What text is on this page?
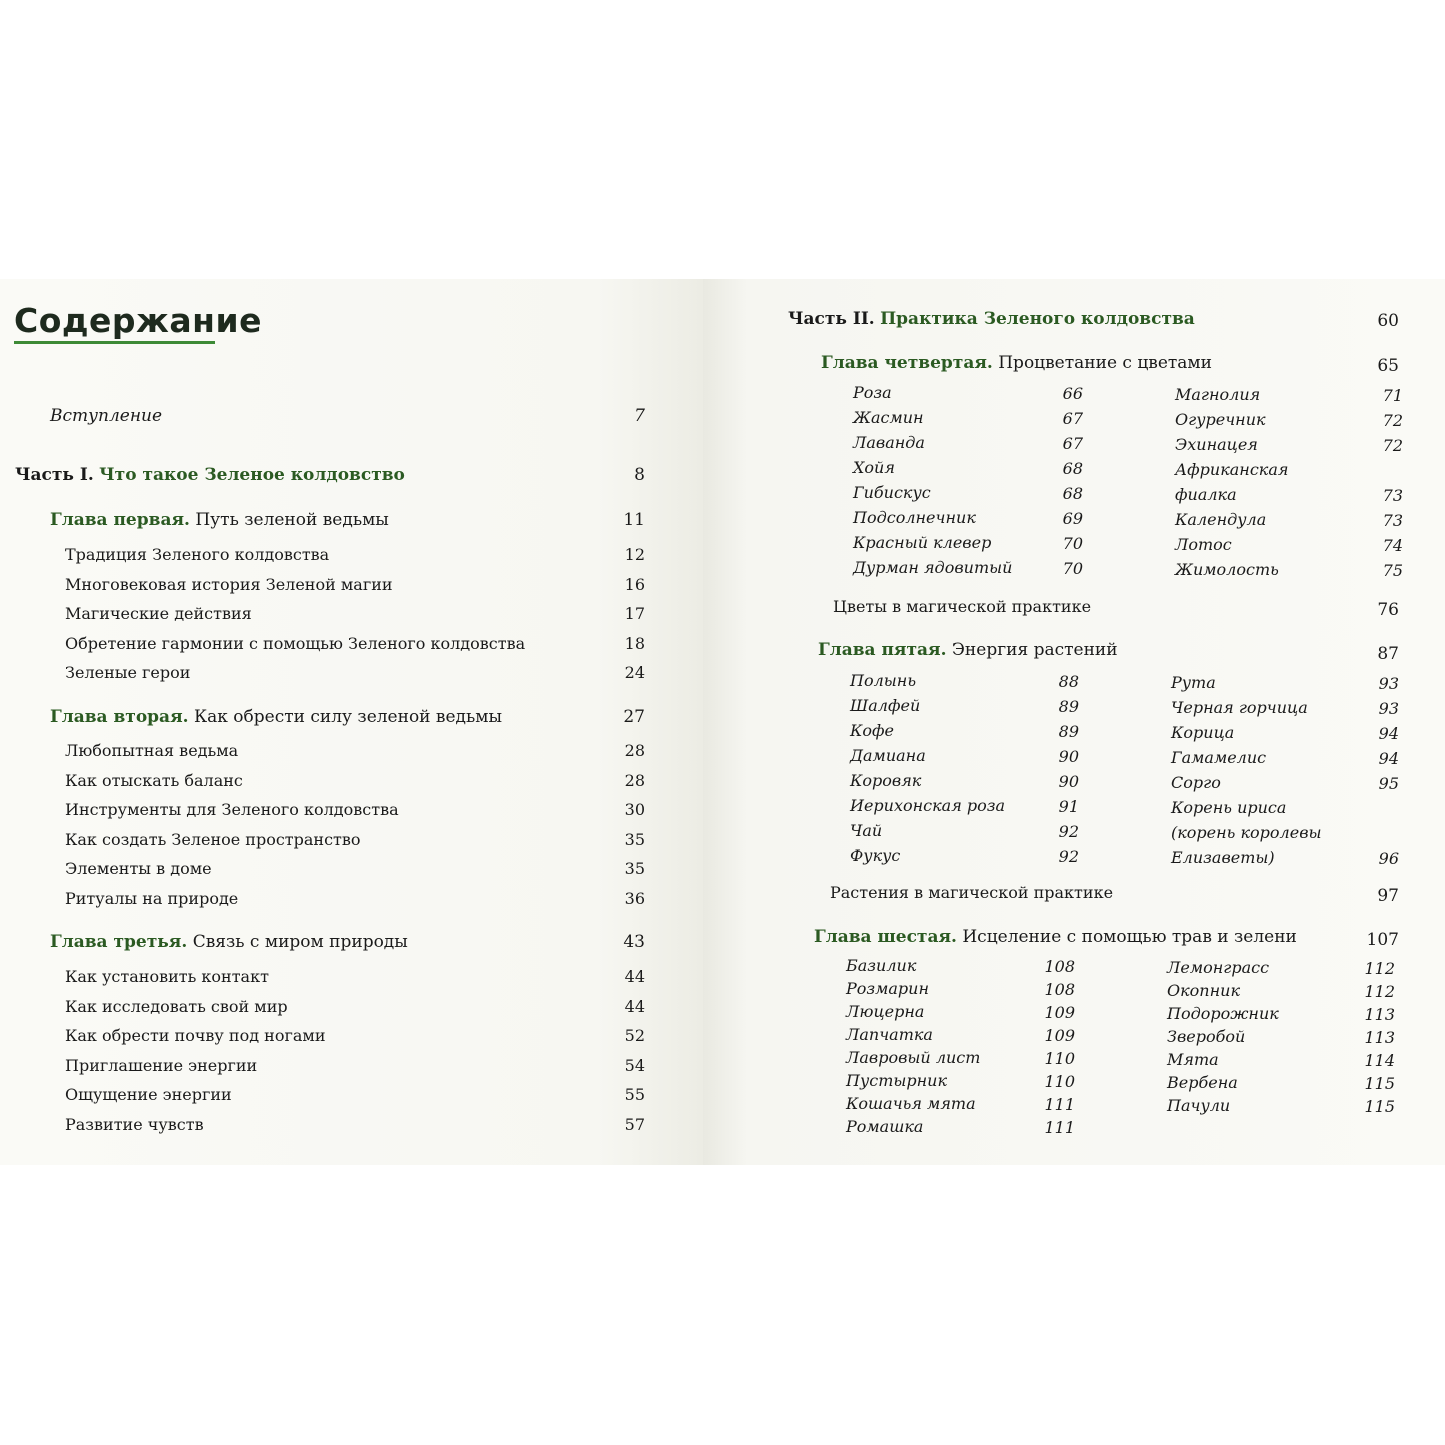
Содержание
Вступление	7
Часть I. Что такое Зеленое колдовство	8
Глава первая. Путь зеленой ведьмы	11
Традиция Зеленого колдовства	12
Многовековая история Зеленой магии	16
Магические действия	17
Обретение гармонии с помощью Зеленого колдовства	18
Зеленые герои	24
Глава вторая. Как обрести силу зеленой ведьмы	27
Любопытная ведьма	28
Как отыскать баланс	28
Инструменты для Зеленого колдовства	30
Как создать Зеленое пространство	35
Элементы в доме	35
Ритуалы на природе	36
Глава третья. Связь с миром природы	43
Как установить контакт	44
Как исследовать свой мир	44
Как обрести почву под ногами	52
Приглашение энергии	54
Ощущение энергии	55
Развитие чувств	57
Часть II. Практика Зеленого колдовства	60
Глава четвертая. Процветание с цветами	65
Роза	66
Жасмин	67
Лаванда	67
Хойя	68
Гибискус	68
Подсолнечник	69
Красный клевер	70
Дурман ядовитый	70
Магнолия	71
Огуречник	72
Эхинацея	72
Африканская
фиалка	73
Календула	73
Лотос	74
Жимолость	75
Цветы в магической практике	76
Глава пятая. Энергия растений	87
Полынь	88
Шалфей	89
Кофе	89
Дамиана	90
Коровяк	90
Иерихонская роза	91
Чай	92
Фукус	92
Рута	93
Черная горчица	93
Корица	94
Гамамелис	94
Сорго	95
Корень ириса
(корень королевы
Елизаветы)	96
Растения в магической практике	97
Глава шестая. Исцеление с помощью трав и зелени	107
Базилик	108
Розмарин	108
Люцерна	109
Лапчатка	109
Лавровый лист	110
Пустырник	110
Кошачья мята	111
Ромашка	111
Лемонграсс	112
Окопник	112
Подорожник	113
Зверобой	113
Мята	114
Вербена	115
Пачули	115
